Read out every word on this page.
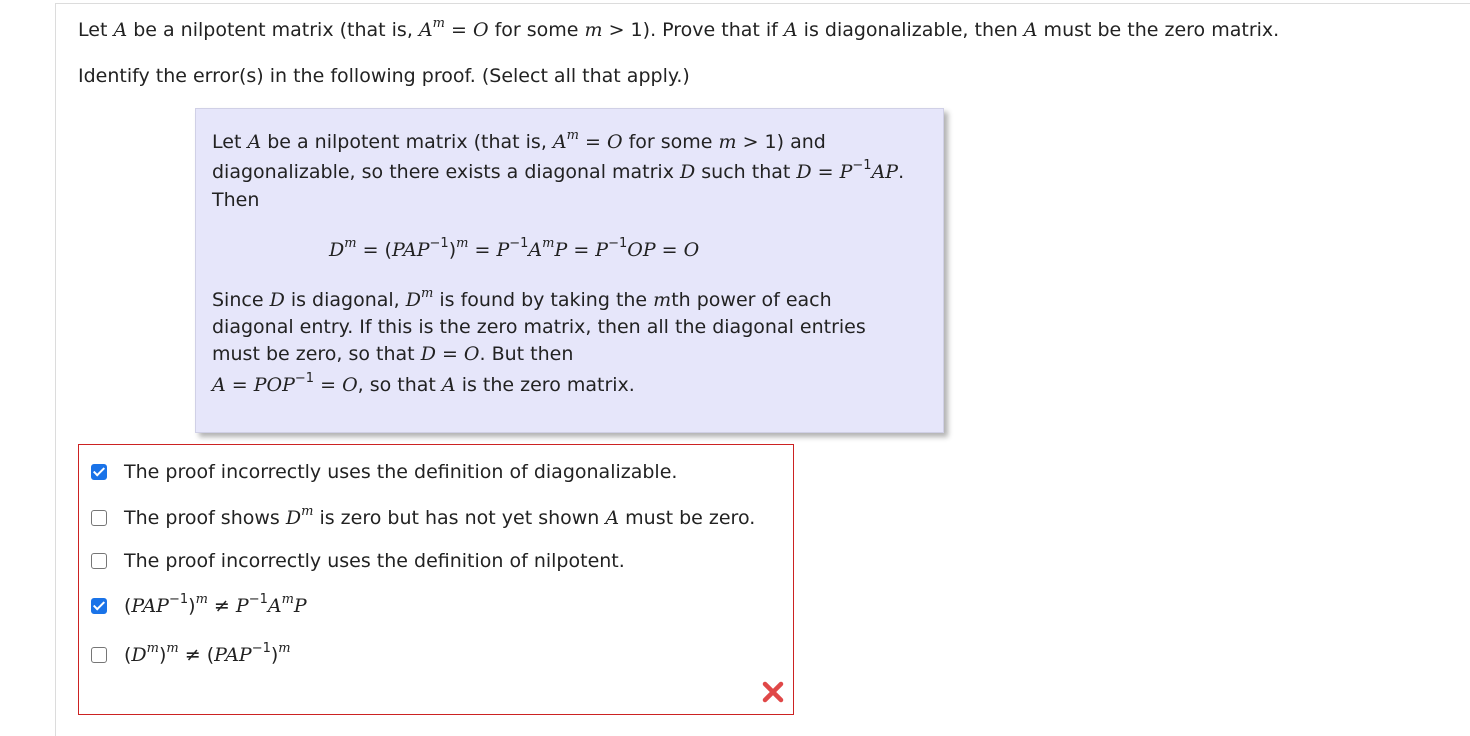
Let A be a nilpotent matrix (that is, $A^m = O$ for some m > 1). Prove that if A is diagonalizable, then A must be the zero matrix.
Identify the error(s) in the following proof. (Select all that apply.)
Let A be a nilpotent matrix (that is, $A^m = O$ for some m > 1) and
diagonalizable, so there exists a diagonal matrix D such that $D = P^{-1}AP$.
Then
$D^m = (PAP^{-1})^m = P^{-1}A^mP = P^{-1}OP = O$
Since D is diagonal, $D^m$ is found by taking the mth power of each
diagonal entry. If this is the zero matrix, then all the diagonal entries
must be zero, so that D = O. But then
$A = POP^{-1} = O$, so that A is the zero matrix.
The proof incorrectly uses the definition of diagonalizable.
The proof shows $D^m$ is zero but has not yet shown A must be zero.
The proof incorrectly uses the definition of nilpotent.
$(PAP^{-1})^m \ne P^{-1}A^mP$
$(D^m)^m \ne (PAP^{-1})^m$
